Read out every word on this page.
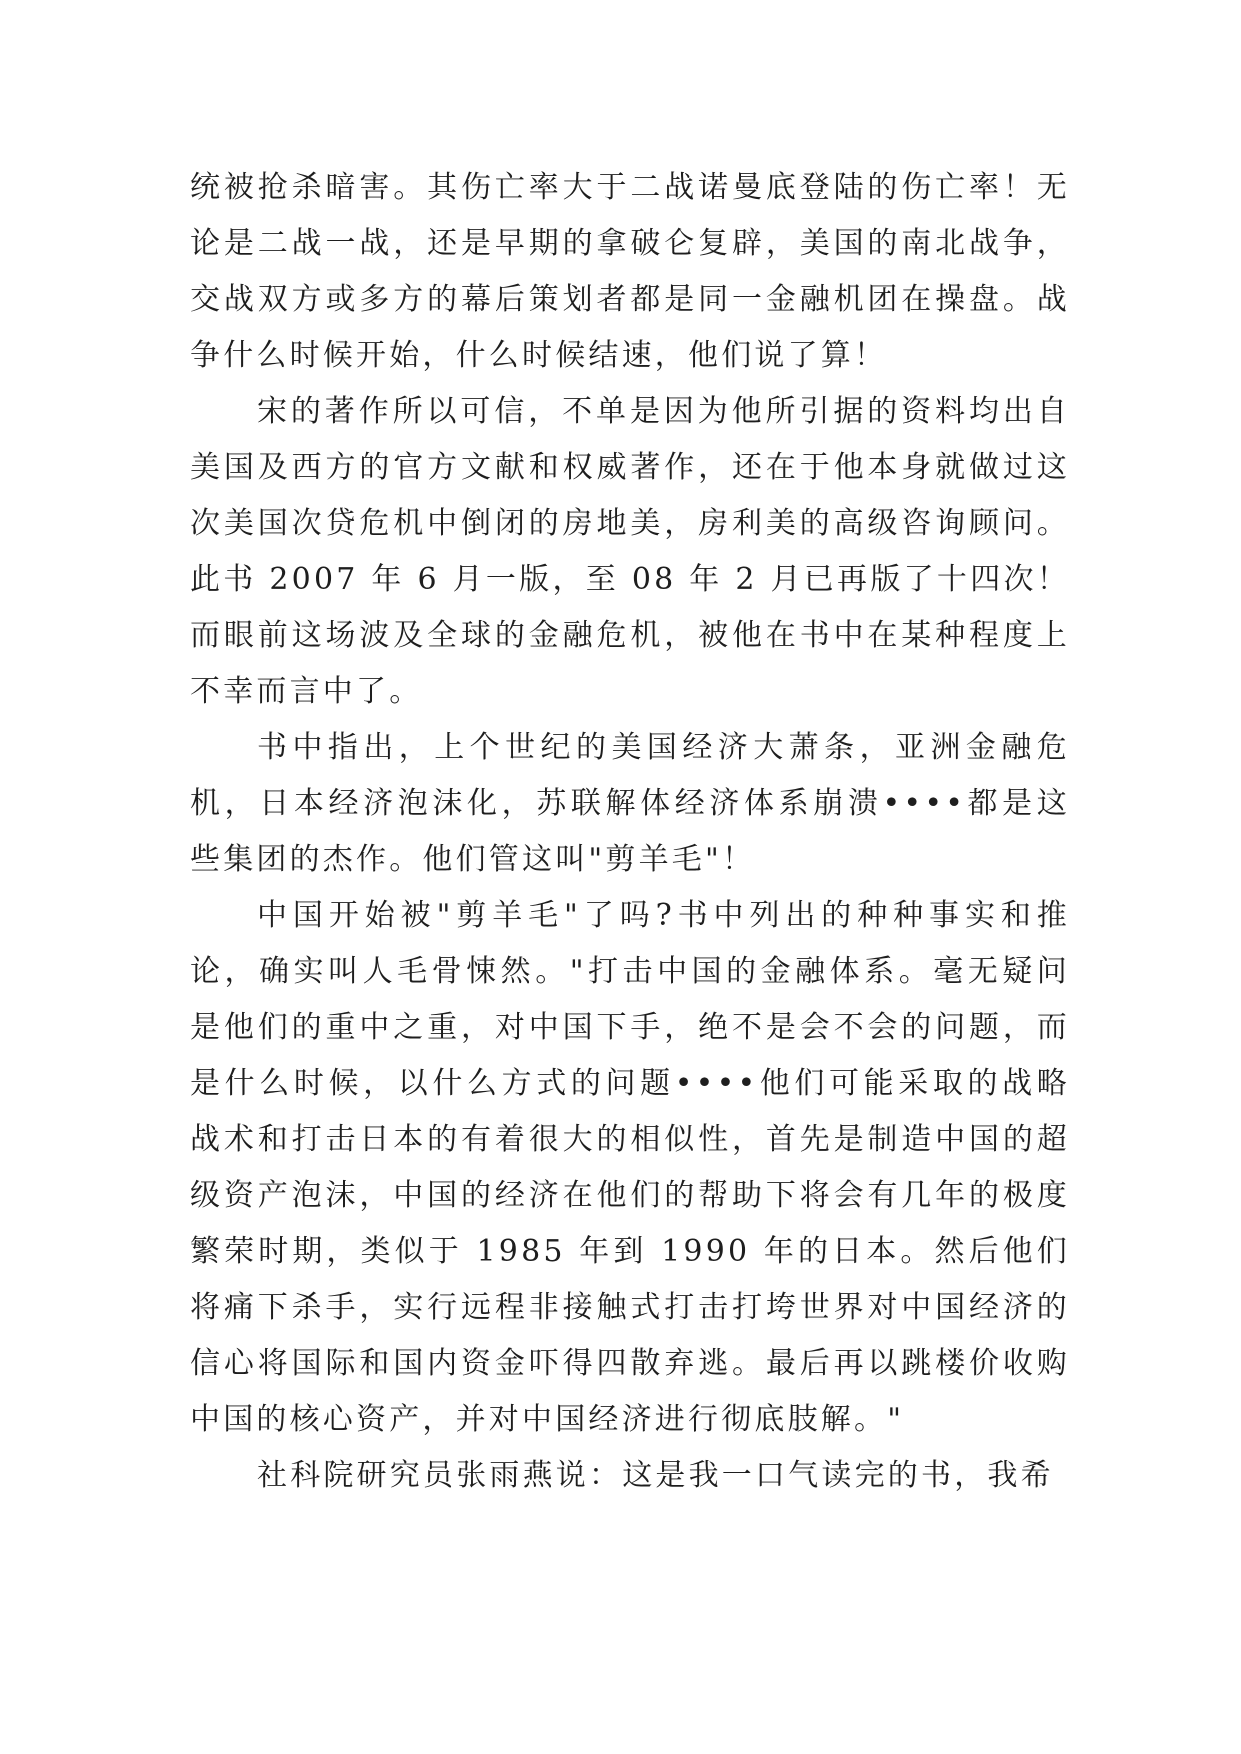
统被抢杀暗害。其伤亡率大于二战诺曼底登陆的伤亡率！无论是二战一战，还是早期的拿破仑复辟，美国的南北战争，交战双方或多方的幕后策划者都是同一金融机团在操盘。战争什么时候开始，什么时候结速，他们说了算！

宋的著作所以可信，不单是因为他所引据的资料均出自美国及西方的官方文献和权威著作，还在于他本身就做过这次美国次贷危机中倒闭的房地美，房利美的高级咨询顾问。此书 2007 年 6 月一版，至 08 年 2 月已再版了十四次！而眼前这场波及全球的金融危机，被他在书中在某种程度上不幸而言中了。

书中指出，上个世纪的美国经济大萧条，亚洲金融危机，日本经济泡沫化，苏联解体经济体系崩溃••••都是这些集团的杰作。他们管这叫"剪羊毛"！

中国开始被"剪羊毛"了吗?书中列出的种种事实和推论，确实叫人毛骨悚然。"打击中国的金融体系。毫无疑问是他们的重中之重，对中国下手，绝不是会不会的问题，而是什么时候，以什么方式的问题••••他们可能采取的战略战术和打击日本的有着很大的相似性，首先是制造中国的超级资产泡沫，中国的经济在他们的帮助下将会有几年的极度繁荣时期，类似于 1985 年到 1990 年的日本。然后他们将痛下杀手，实行远程非接触式打击打垮世界对中国经济的信心将国际和国内资金吓得四散弃逃。最后再以跳楼价收购中国的核心资产，并对中国经济进行彻底肢解。"

社科院研究员张雨燕说：这是我一口气读完的书，我希
